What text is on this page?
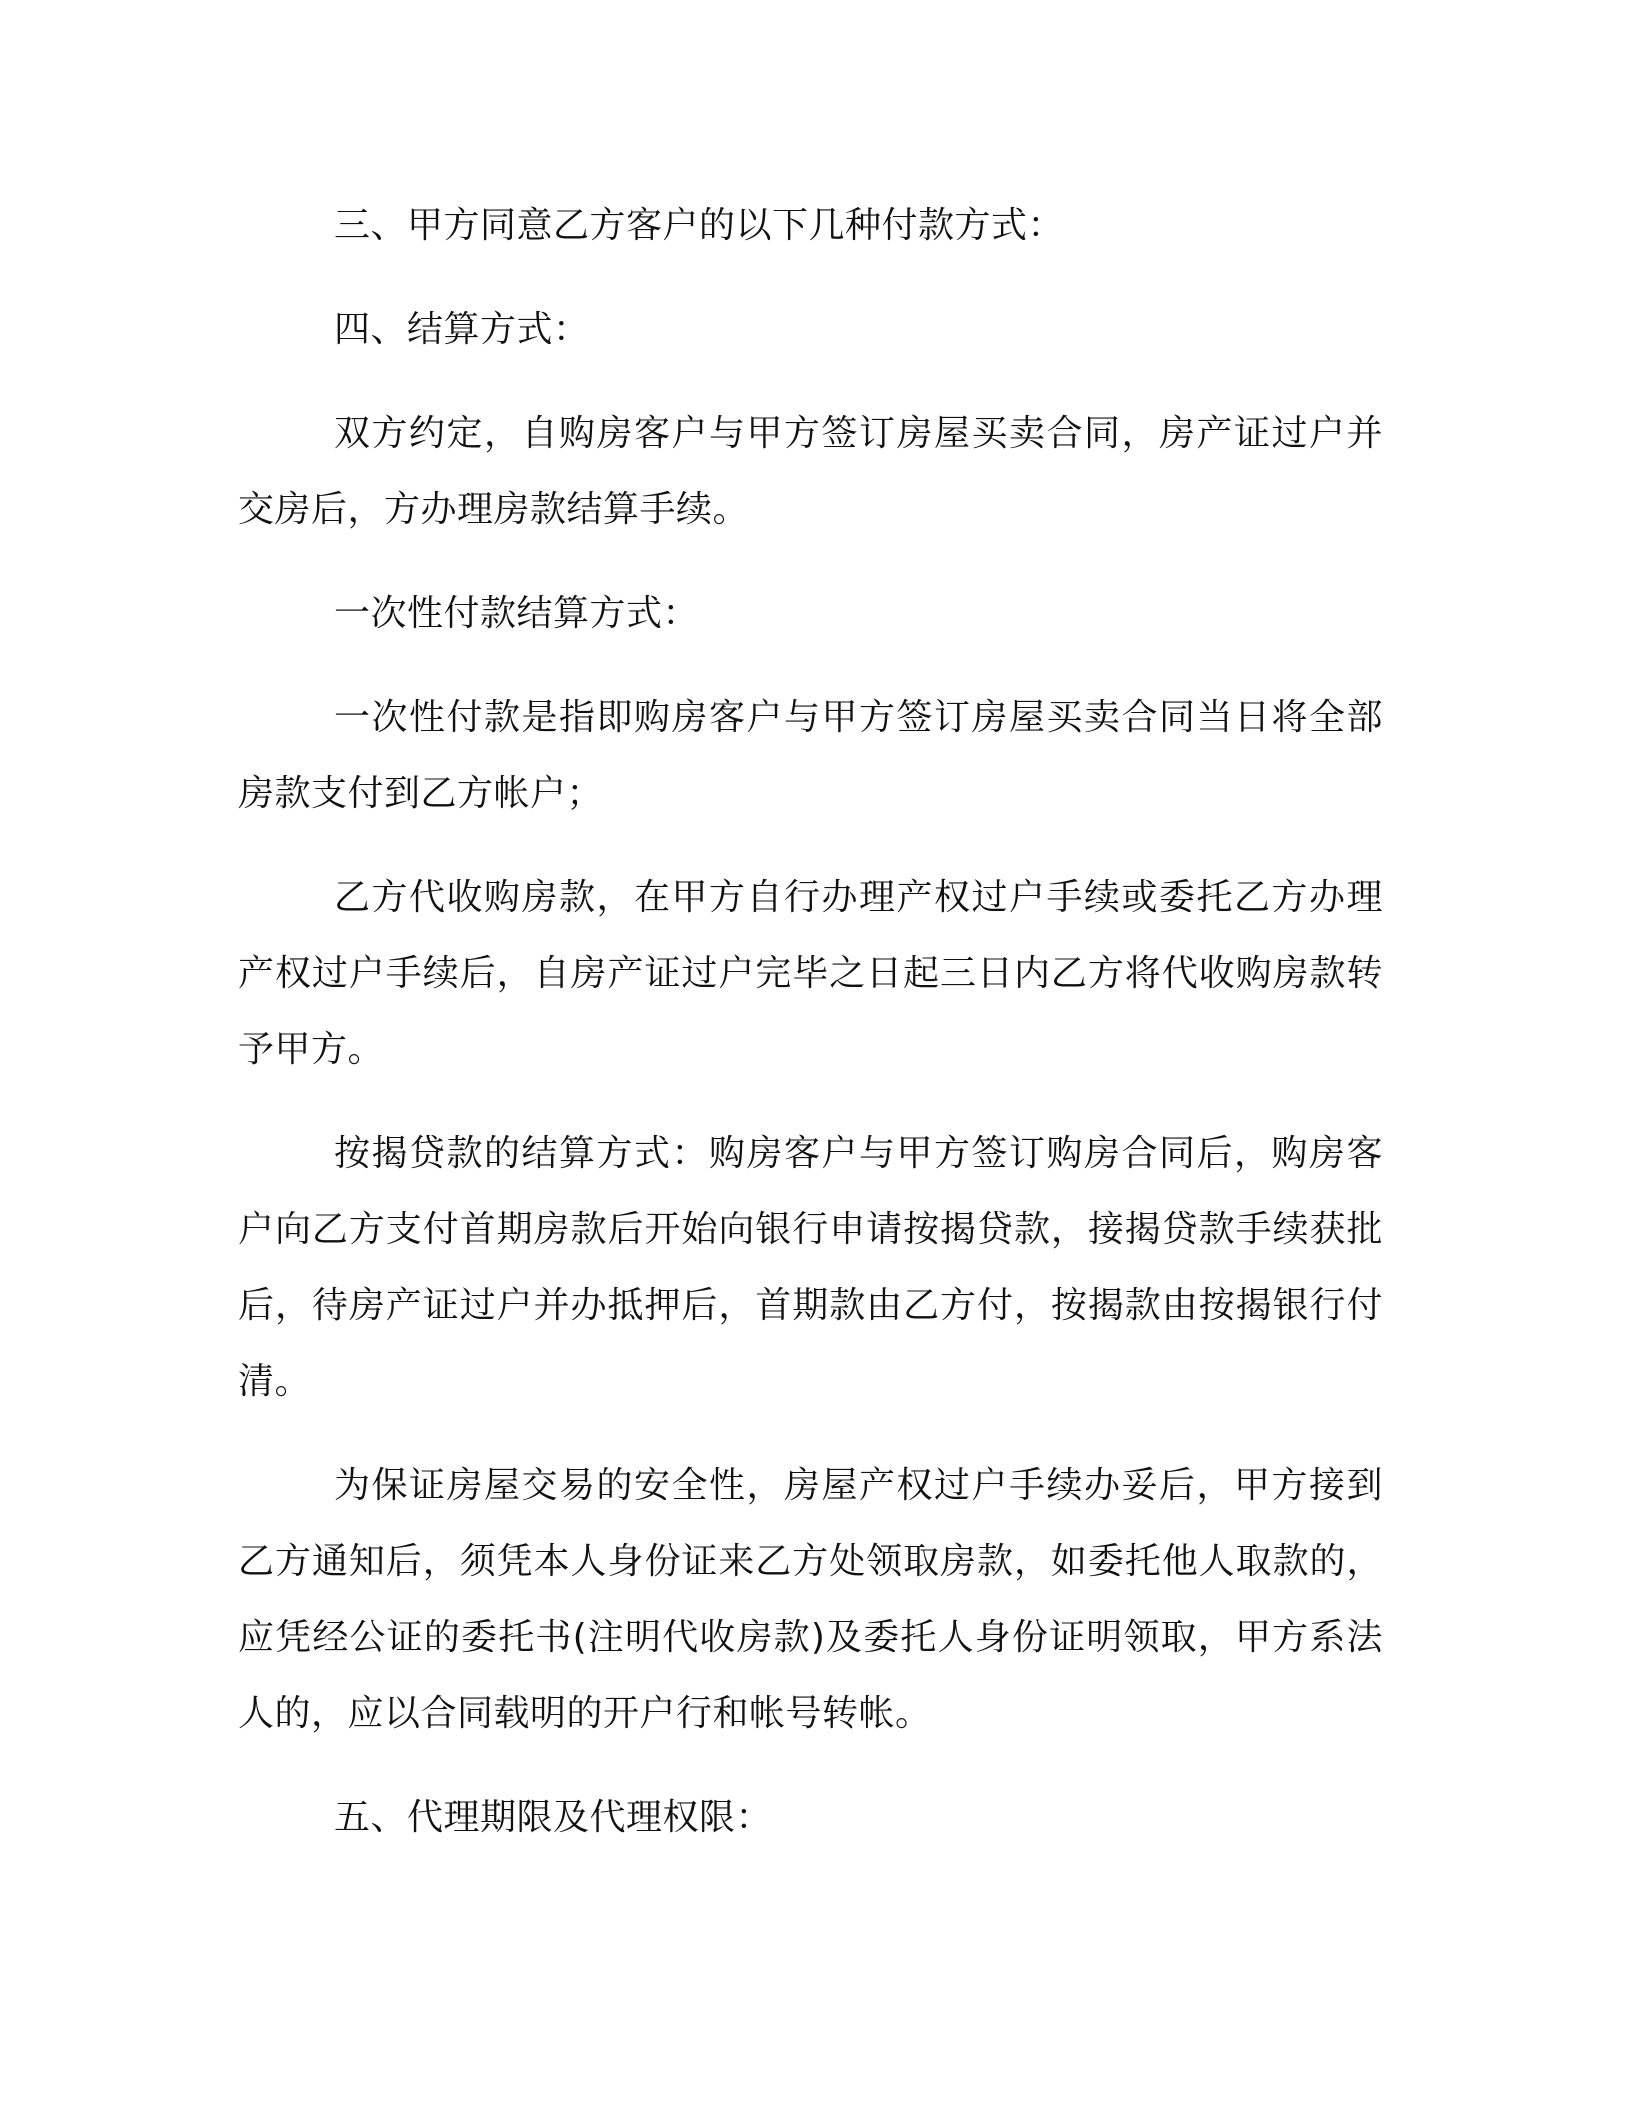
三、甲方同意乙方客户的以下几种付款方式：

四、结算方式：

双方约定，自购房客户与甲方签订房屋买卖合同，房产证过户并交房后，方办理房款结算手续。

一次性付款结算方式：

一次性付款是指即购房客户与甲方签订房屋买卖合同当日将全部房款支付到乙方帐户；

乙方代收购房款，在甲方自行办理产权过户手续或委托乙方办理产权过户手续后，自房产证过户完毕之日起三日内乙方将代收购房款转予甲方。

按揭贷款的结算方式：购房客户与甲方签订购房合同后，购房客户向乙方支付首期房款后开始向银行申请按揭贷款，接揭贷款手续获批后，待房产证过户并办抵押后，首期款由乙方付，按揭款由按揭银行付清。

为保证房屋交易的安全性，房屋产权过户手续办妥后，甲方接到乙方通知后，须凭本人身份证来乙方处领取房款，如委托他人取款的，应凭经公证的委托书(注明代收房款)及委托人身份证明领取，甲方系法人的，应以合同载明的开户行和帐号转帐。

五、代理期限及代理权限：
